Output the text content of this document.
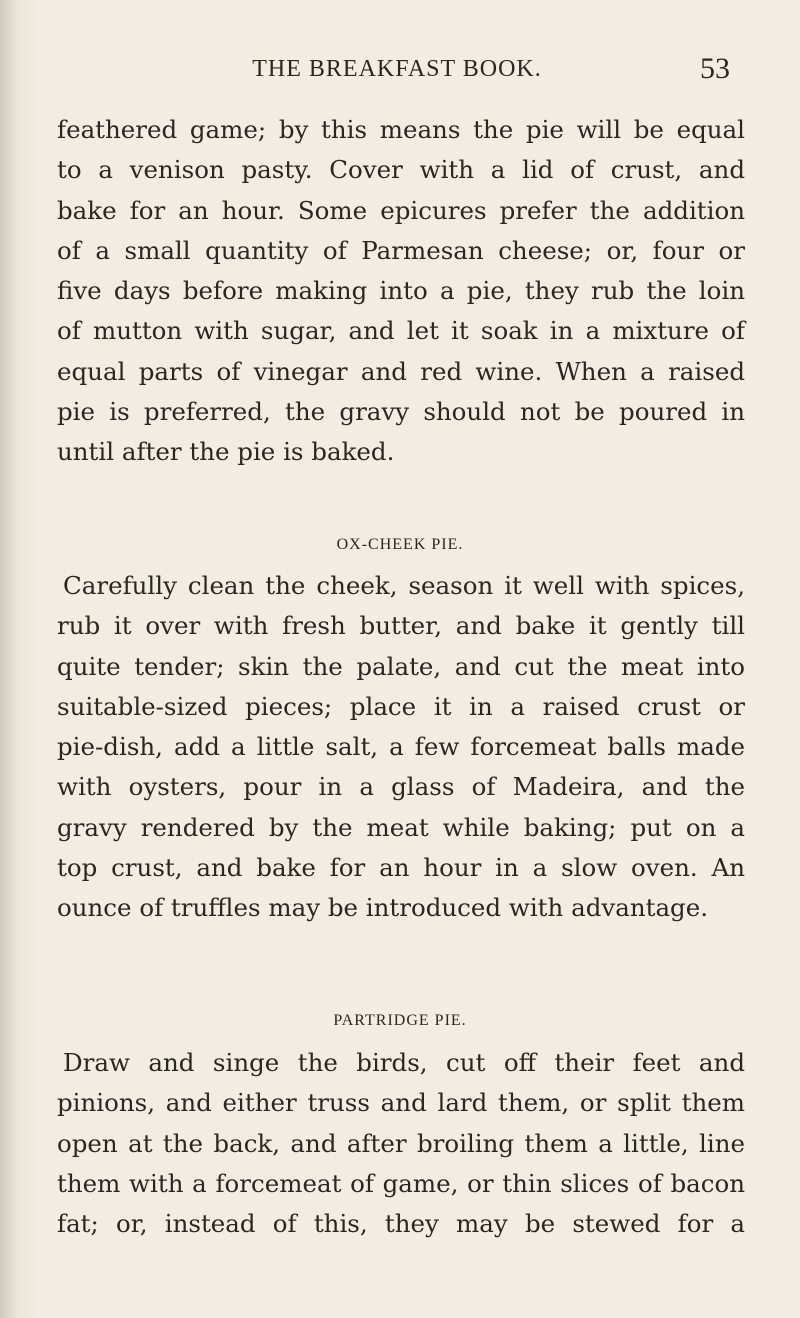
THE BREAKFAST BOOK.	53
feathered game; by this means the pie will be equal
to a venison pasty. Cover with a lid of crust, and
bake for an hour. Some epicures prefer the addition
of a small quantity of Parmesan cheese; or, four or
five days before making into a pie, they rub the loin
of mutton with sugar, and let it soak in a mixture of
equal parts of vinegar and red wine. When a raised
pie is preferred, the gravy should not be poured in
until after the pie is baked.
OX-CHEEK PIE.
Carefully clean the cheek, season it well with spices,
rub it over with fresh butter, and bake it gently till
quite tender; skin the palate, and cut the meat into
suitable-sized pieces; place it in a raised crust or
pie-dish, add a little salt, a few forcemeat balls made
with oysters, pour in a glass of Madeira, and the
gravy rendered by the meat while baking; put on a
top crust, and bake for an hour in a slow oven. An
ounce of truffles may be introduced with advantage.
PARTRIDGE PIE.
Draw and singe the birds, cut off their feet and
pinions, and either truss and lard them, or split them
open at the back, and after broiling them a little, line
them with a forcemeat of game, or thin slices of bacon
fat; or, instead of this, they may be stewed for a
